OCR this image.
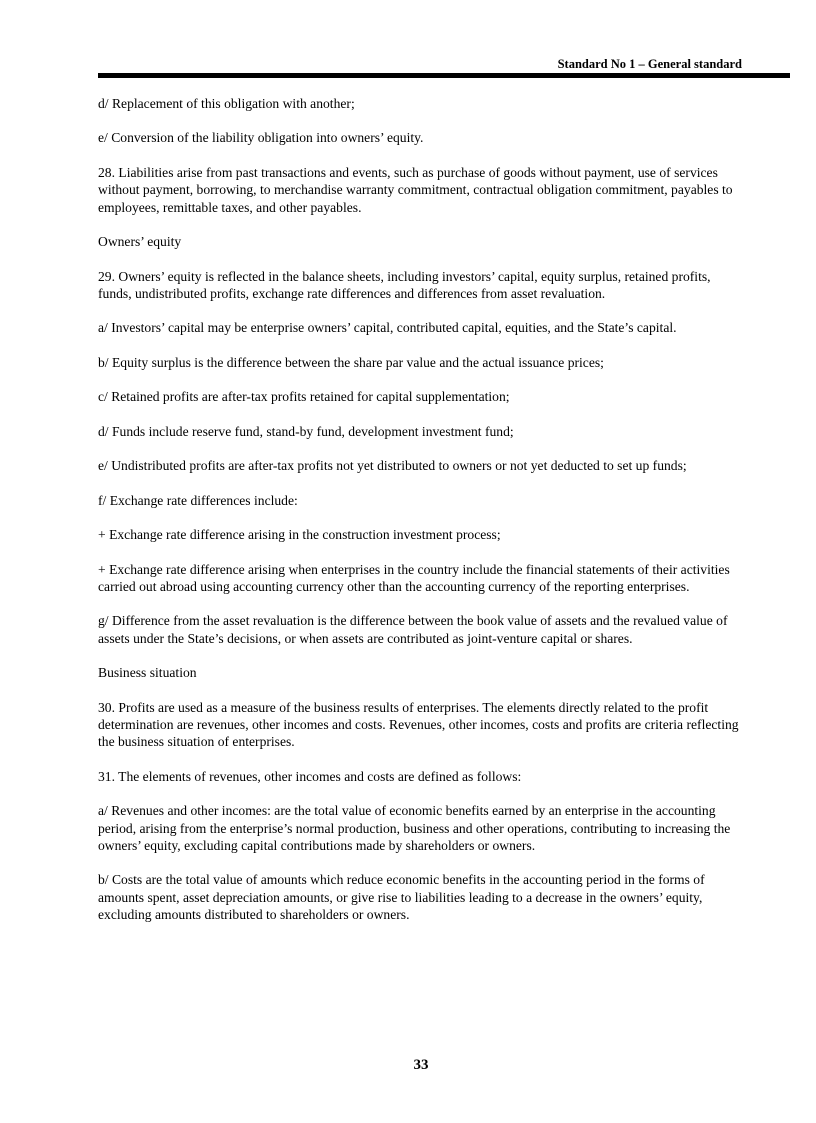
Standard No 1 – General standard

d/ Replacement of this obligation with another;

e/ Conversion of the liability obligation into owners’ equity.

28. Liabilities arise from past transactions and events, such as purchase of goods without payment, use of services without payment, borrowing, to merchandise warranty commitment, contractual obligation commitment, payables to employees, remittable taxes, and other payables.

Owners’ equity

29. Owners’ equity is reflected in the balance sheets, including investors’ capital, equity surplus, retained profits, funds, undistributed profits, exchange rate differences and differences from asset revaluation.

a/ Investors’ capital may be enterprise owners’ capital, contributed capital, equities, and the State’s capital.

b/ Equity surplus is the difference between the share par value and the actual issuance prices;

c/ Retained profits are after-tax profits retained for capital supplementation;

d/ Funds include reserve fund, stand-by fund, development investment fund;

e/ Undistributed profits are after-tax profits not yet distributed to owners or not yet deducted to set up funds;

f/ Exchange rate differences include:

+ Exchange rate difference arising in the construction investment process;

+ Exchange rate difference arising when enterprises in the country include the financial statements of their activities carried out abroad using accounting currency other than the accounting currency of the reporting enterprises.

g/ Difference from the asset revaluation is the difference between the book value of assets and the revalued value of assets under the State’s decisions, or when assets are contributed as joint-venture capital or shares.

Business situation

30. Profits are used as a measure of the business results of enterprises. The elements directly related to the profit determination are revenues, other incomes and costs. Revenues, other incomes, costs and profits are criteria reflecting the business situation of enterprises.

31. The elements of revenues, other incomes and costs are defined as follows:

a/ Revenues and other incomes: are the total value of economic benefits earned by an enterprise in the accounting period, arising from the enterprise’s normal production, business and other operations, contributing to increasing the owners’ equity, excluding capital contributions made by shareholders or owners.

b/ Costs are the total value of amounts which reduce economic benefits in the accounting period in the forms of amounts spent, asset depreciation amounts, or give rise to liabilities leading to a decrease in the owners’ equity, excluding amounts distributed to shareholders or owners.

33
